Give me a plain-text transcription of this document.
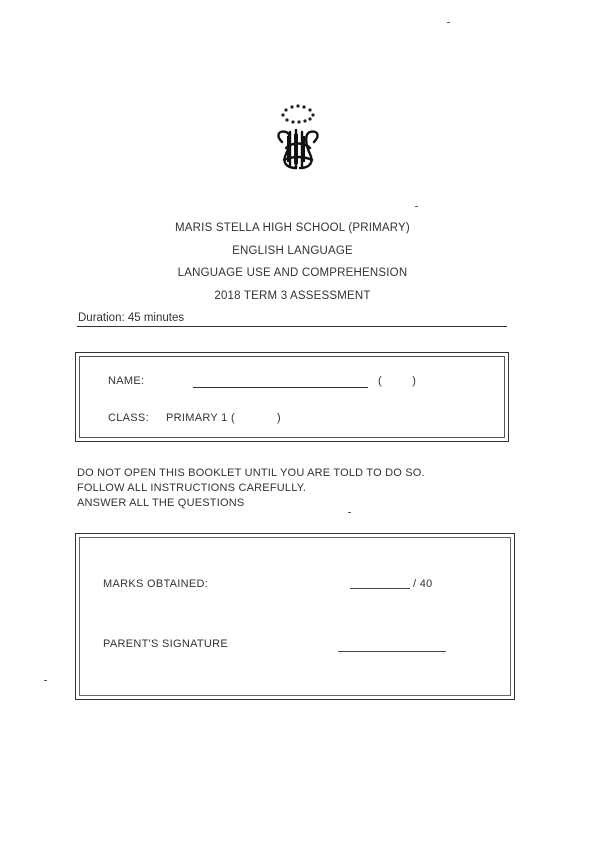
MARIS STELLA HIGH SCHOOL (PRIMARY)
ENGLISH LANGUAGE
LANGUAGE USE AND COMPREHENSION
2018 TERM 3 ASSESSMENT
Duration: 45 minutes
NAME:	(          )
CLASS: PRIMARY 1 (	)
DO NOT OPEN THIS BOOKLET UNTIL YOU ARE TOLD TO DO SO.
FOLLOW ALL INSTRUCTIONS CAREFULLY.
ANSWER ALL THE QUESTIONS
MARKS OBTAINED:	/ 40
PARENT'S SIGNATURE
